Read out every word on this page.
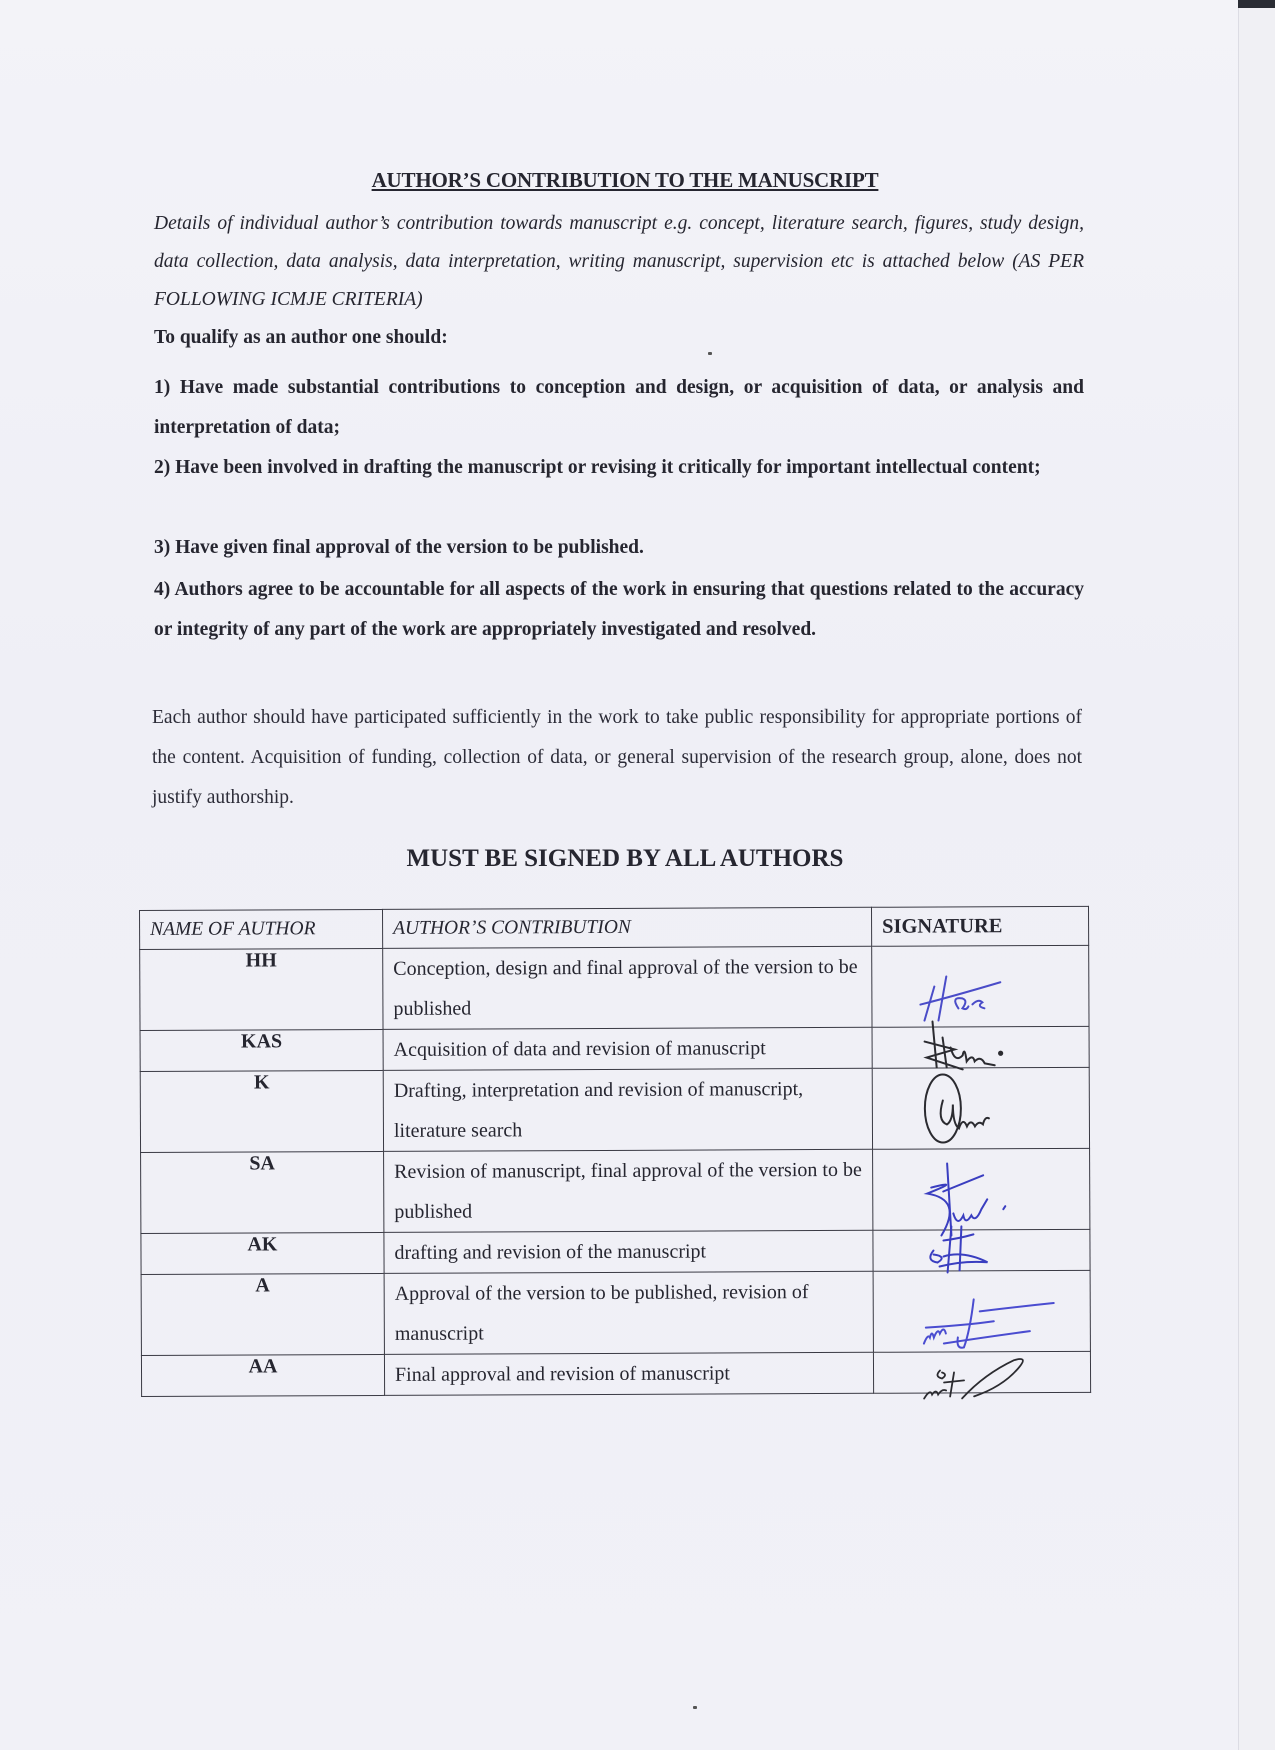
AUTHOR’S CONTRIBUTION TO THE MANUSCRIPT
Details of individual author’s contribution towards manuscript e.g. concept, literature search, figures, study design, data collection, data analysis, data interpretation, writing manuscript, supervision etc is attached below (AS PER FOLLOWING ICMJE CRITERIA)
To qualify as an author one should:
1) Have made substantial contributions to conception and design, or acquisition of data, or analysis and interpretation of data;
2) Have been involved in drafting the manuscript or revising it critically for important intellectual content;
3) Have given final approval of the version to be published.
4) Authors agree to be accountable for all aspects of the work in ensuring that questions related to the accuracy or integrity of any part of the work are appropriately investigated and resolved.
Each author should have participated sufficiently in the work to take public responsibility for appropriate portions of the content. Acquisition of funding, collection of data, or general supervision of the research group, alone, does not justify authorship.
MUST BE SIGNED BY ALL AUTHORS
NAME OF AUTHOR	AUTHOR’S CONTRIBUTION	SIGNATURE
HH	Conception, design and final approval of the version to be published	

KAS	Acquisition of data and revision of manuscript	

K	Drafting, interpretation and revision of manuscript, literature search	

SA	Revision of manuscript, final approval of the version to be published	

AK	drafting and revision of the manuscript	

A	Approval of the version to be published, revision of manuscript	

AA	Final approval and revision of manuscript	
